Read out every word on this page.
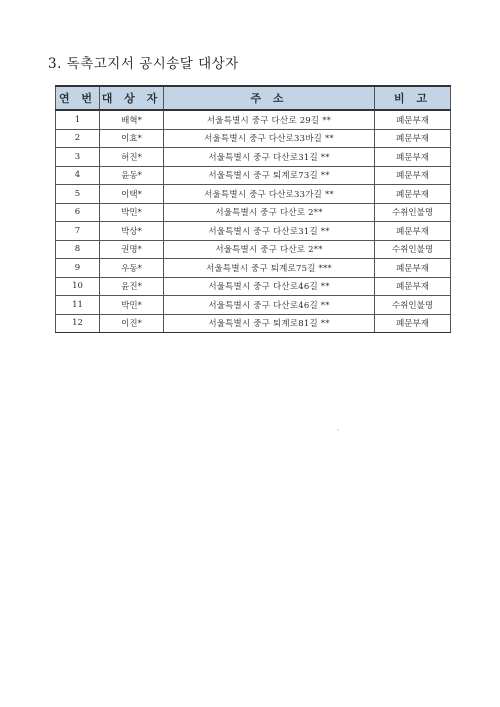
3. 독촉고지서 공시송달 대상자
연 번	대 상 자	주 소	비 고
1	배혁*	서울특별시 중구 다산로 29길 **	폐문부재
2	이효*	서울특별시 중구 다산로33바길 **	폐문부재
3	허진*	서울특별시 중구 다산로31길 **	폐문부재
4	윤동*	서울특별시 중구 퇴계로73길 **	폐문부재
5	이택*	서울특별시 중구 다산로33가길 **	폐문부재
6	박민*	서울특별시 중구 다산로 2**	수취인불명
7	박상*	서울특별시 중구 다산로31길 **	폐문부재
8	권명*	서울특별시 중구 다산로 2**	수취인불명
9	우동*	서울특별시 중구 퇴계로75길 ***	폐문부재
10	윤진*	서울특별시 중구 다산로46길 **	폐문부재
11	박민*	서울특별시 중구 다산로46길 **	수취인불명
12	이진*	서울특별시 중구 퇴계로81길 **	폐문부재
